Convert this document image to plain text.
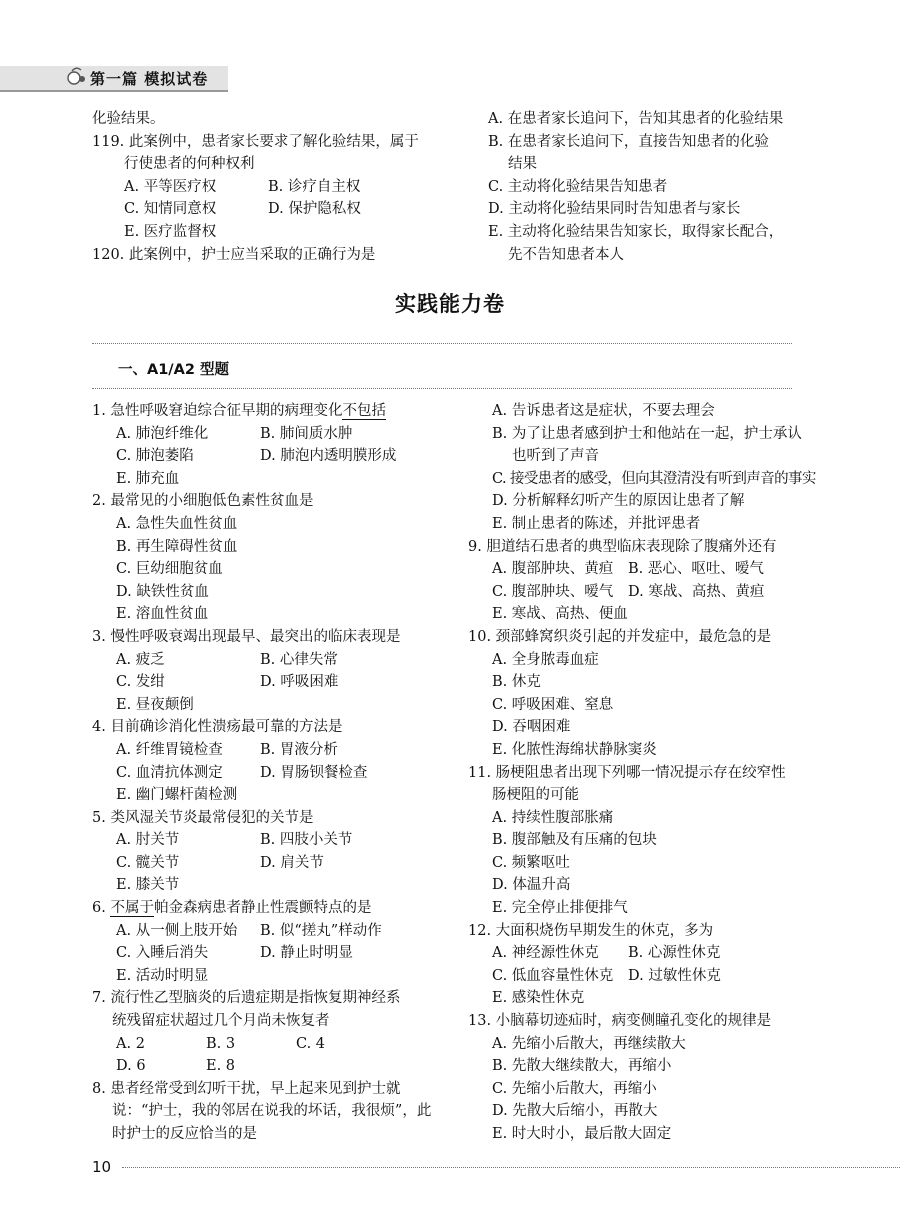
第一篇 模拟试卷
化验结果。
119. 此案例中，患者家长要求了解化验结果，属于
行使患者的何种权利
A. 平等医疗权	B. 诊疗自主权
C. 知情同意权	D. 保护隐私权
E. 医疗监督权
120. 此案例中，护士应当采取的正确行为是
A. 在患者家长追问下，告知其患者的化验结果
B. 在患者家长追问下，直接告知患者的化验
结果
C. 主动将化验结果告知患者
D. 主动将化验结果同时告知患者与家长
E. 主动将化验结果告知家长，取得家长配合，
先不告知患者本人
实践能力卷
一、A1/A2 型题
1. 急性呼吸窘迫综合征早期的病理变化不包括
A. 肺泡纤维化	B. 肺间质水肿
C. 肺泡萎陷	D. 肺泡内透明膜形成
E. 肺充血
2. 最常见的小细胞低色素性贫血是
A. 急性失血性贫血
B. 再生障碍性贫血
C. 巨幼细胞贫血
D. 缺铁性贫血
E. 溶血性贫血
3. 慢性呼吸衰竭出现最早、最突出的临床表现是
A. 疲乏	B. 心律失常
C. 发绀	D. 呼吸困难
E. 昼夜颠倒
4. 目前确诊消化性溃疡最可靠的方法是
A. 纤维胃镜检查	B. 胃液分析
C. 血清抗体测定	D. 胃肠钡餐检查
E. 幽门螺杆菌检测
5. 类风湿关节炎最常侵犯的关节是
A. 肘关节	B. 四肢小关节
C. 髋关节	D. 肩关节
E. 膝关节
6. 不属于帕金森病患者静止性震颤特点的是
A. 从一侧上肢开始	B. 似“搓丸”样动作
C. 入睡后消失	D. 静止时明显
E. 活动时明显
7. 流行性乙型脑炎的后遗症期是指恢复期神经系
统残留症状超过几个月尚未恢复者
A. 2	B. 3	C. 4
D. 6	E. 8
8. 患者经常受到幻听干扰，早上起来见到护士就
说：“护士，我的邻居在说我的坏话，我很烦”，此
时护士的反应恰当的是
A. 告诉患者这是症状，不要去理会
B. 为了让患者感到护士和他站在一起，护士承认
也听到了声音
C. 接受患者的感受，但向其澄清没有听到声音的事实
D. 分析解释幻听产生的原因让患者了解
E. 制止患者的陈述，并批评患者
9. 胆道结石患者的典型临床表现除了腹痛外还有
A. 腹部肿块、黄疸	B. 恶心、呕吐、嗳气
C. 腹部肿块、嗳气	D. 寒战、高热、黄疸
E. 寒战、高热、便血
10. 颈部蜂窝织炎引起的并发症中，最危急的是
A. 全身脓毒血症
B. 休克
C. 呼吸困难、窒息
D. 吞咽困难
E. 化脓性海绵状静脉窦炎
11. 肠梗阻患者出现下列哪一情况提示存在绞窄性
肠梗阻的可能
A. 持续性腹部胀痛
B. 腹部触及有压痛的包块
C. 频繁呕吐
D. 体温升高
E. 完全停止排便排气
12. 大面积烧伤早期发生的休克，多为
A. 神经源性休克	B. 心源性休克
C. 低血容量性休克	D. 过敏性休克
E. 感染性休克
13. 小脑幕切迹疝时，病变侧瞳孔变化的规律是
A. 先缩小后散大，再继续散大
B. 先散大继续散大，再缩小
C. 先缩小后散大，再缩小
D. 先散大后缩小，再散大
E. 时大时小，最后散大固定
10
